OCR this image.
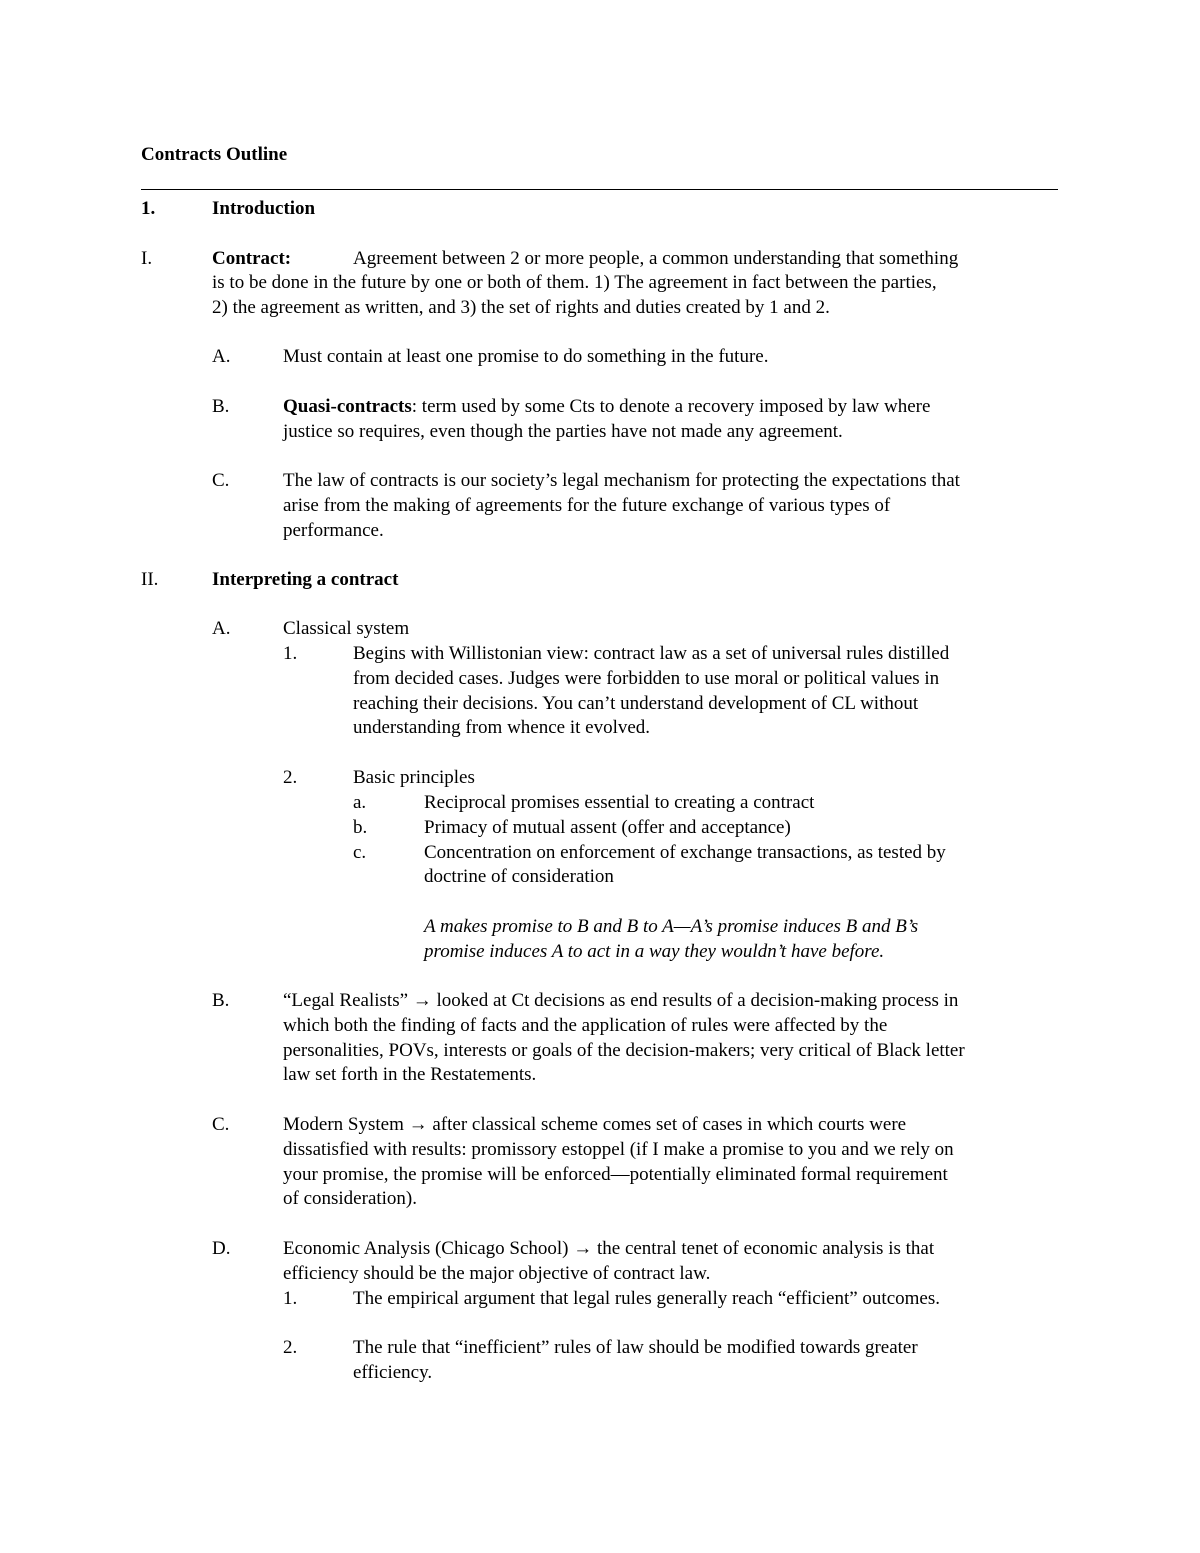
Contracts Outline
1.	Introduction
I.	Contract:	Agreement between 2 or more people, a common understanding that something
is to be done in the future by one or both of them. 1) The agreement in fact between the parties,
2) the agreement as written, and 3) the set of rights and duties created by 1 and 2.
A.	Must contain at least one promise to do something in the future.
B.	Quasi-contracts: term used by some Cts to denote a recovery imposed by law where
justice so requires, even though the parties have not made any agreement.
C.	The law of contracts is our society’s legal mechanism for protecting the expectations that
arise from the making of agreements for the future exchange of various types of
performance.
II.	Interpreting a contract
A.	Classical system
1.	Begins with Willistonian view: contract law as a set of universal rules distilled
from decided cases. Judges were forbidden to use moral or political values in
reaching their decisions. You can’t understand development of CL without
understanding from whence it evolved.
2.	Basic principles
a.	Reciprocal promises essential to creating a contract
b.	Primacy of mutual assent (offer and acceptance)
c.	Concentration on enforcement of exchange transactions, as tested by
doctrine of consideration
A makes promise to B and B to A—A’s promise induces B and B’s
promise induces A to act in a way they wouldn’t have before.
B.	“Legal Realists” → looked at Ct decisions as end results of a decision-making process in
which both the finding of facts and the application of rules were affected by the
personalities, POVs, interests or goals of the decision-makers; very critical of Black letter
law set forth in the Restatements.
C.	Modern System → after classical scheme comes set of cases in which courts were
dissatisfied with results: promissory estoppel (if I make a promise to you and we rely on
your promise, the promise will be enforced—potentially eliminated formal requirement
of consideration).
D.	Economic Analysis (Chicago School) → the central tenet of economic analysis is that
efficiency should be the major objective of contract law.
1.	The empirical argument that legal rules generally reach “efficient” outcomes.
2.	The rule that “inefficient” rules of law should be modified towards greater
efficiency.
